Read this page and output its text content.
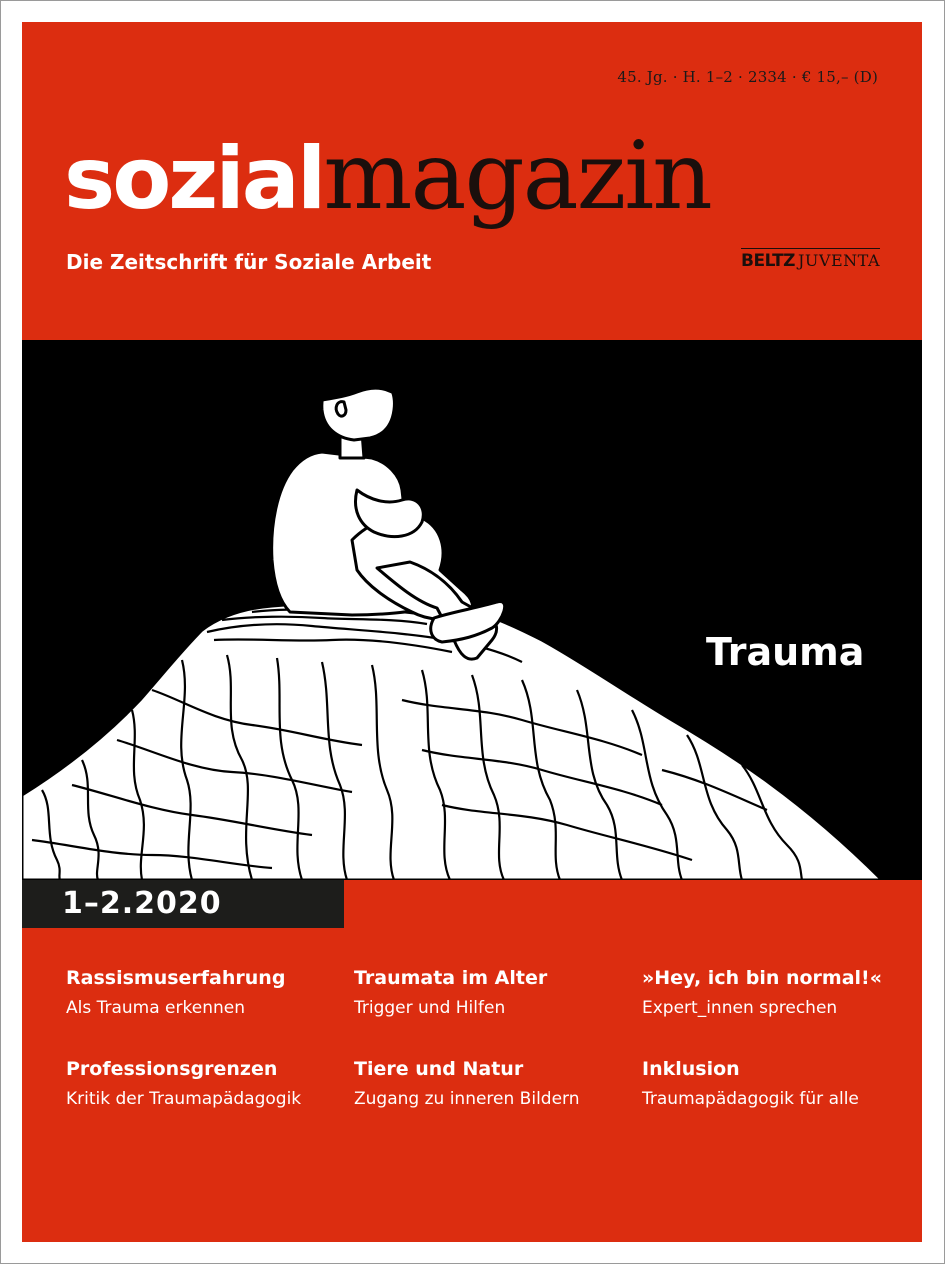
45. Jg. · H. 1–2 · 2334 · € 15,– (D)
sozialmagazin
Die Zeitschrift für Soziale Arbeit	BELTZ JUVENTA
Trauma
1–2.2020
Rassismuserfahrung
Als Trauma erkennen
Traumata im Alter
Trigger und Hilfen
»Hey, ich bin normal!«
Expert_innen sprechen
Professionsgrenzen
Kritik der Traumapädagogik
Tiere und Natur
Zugang zu inneren Bildern
Inklusion
Traumapädagogik für alle
